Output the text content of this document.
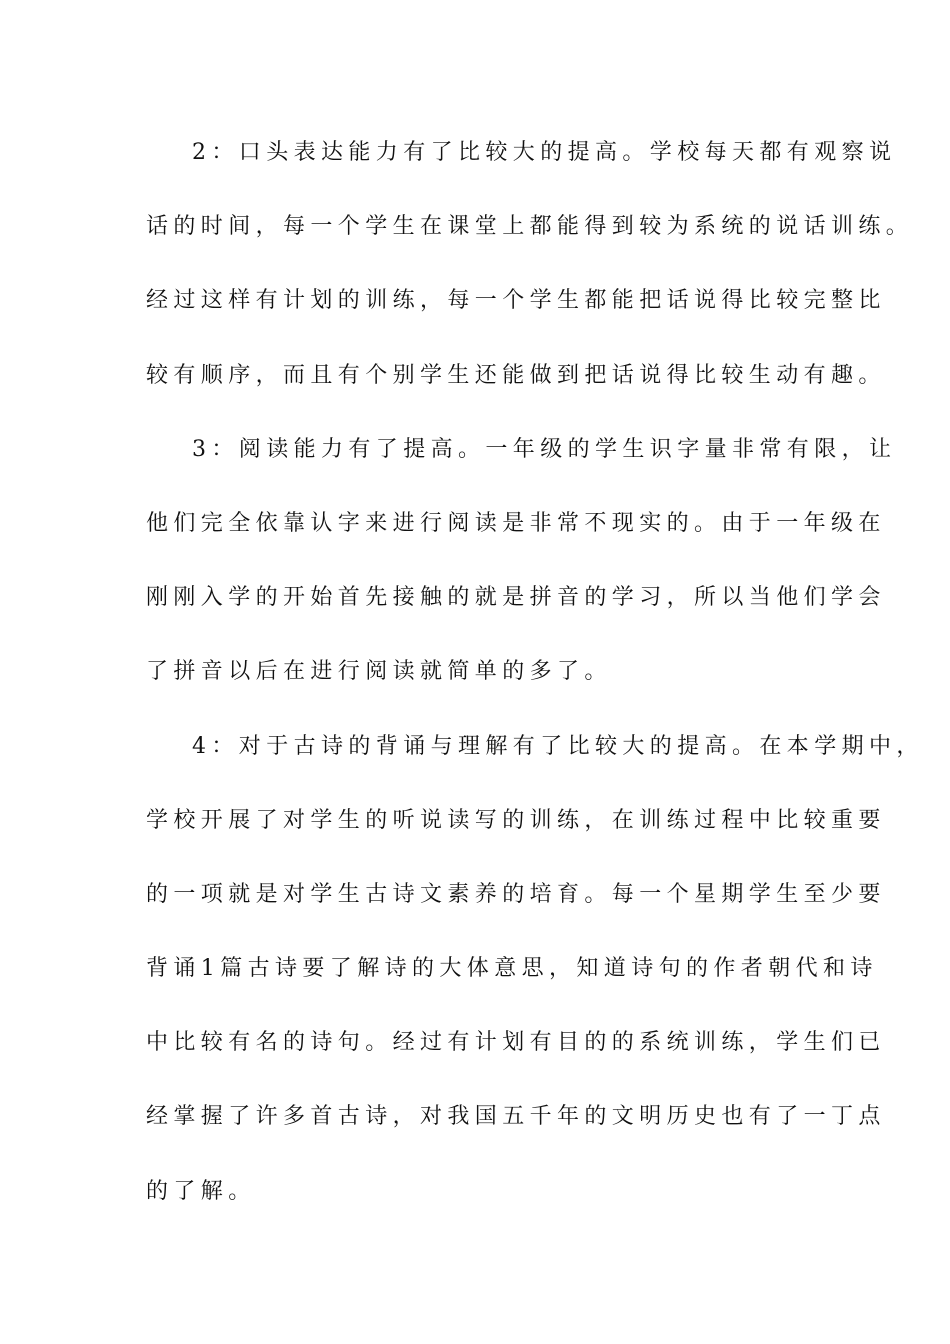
2：口头表达能力有了比较大的提高。学校每天都有观察说
话的时间，每一个学生在课堂上都能得到较为系统的说话训练。
经过这样有计划的训练，每一个学生都能把话说得比较完整比
较有顺序，而且有个别学生还能做到把话说得比较生动有趣。
3：阅读能力有了提高。一年级的学生识字量非常有限，让
他们完全依靠认字来进行阅读是非常不现实的。由于一年级在
刚刚入学的开始首先接触的就是拼音的学习，所以当他们学会
了拼音以后在进行阅读就简单的多了。
4：对于古诗的背诵与理解有了比较大的提高。在本学期中，
学校开展了对学生的听说读写的训练，在训练过程中比较重要
的一项就是对学生古诗文素养的培育。每一个星期学生至少要
背诵1篇古诗要了解诗的大体意思，知道诗句的作者朝代和诗
中比较有名的诗句。经过有计划有目的的系统训练，学生们已
经掌握了许多首古诗，对我国五千年的文明历史也有了一丁点
的了解。
